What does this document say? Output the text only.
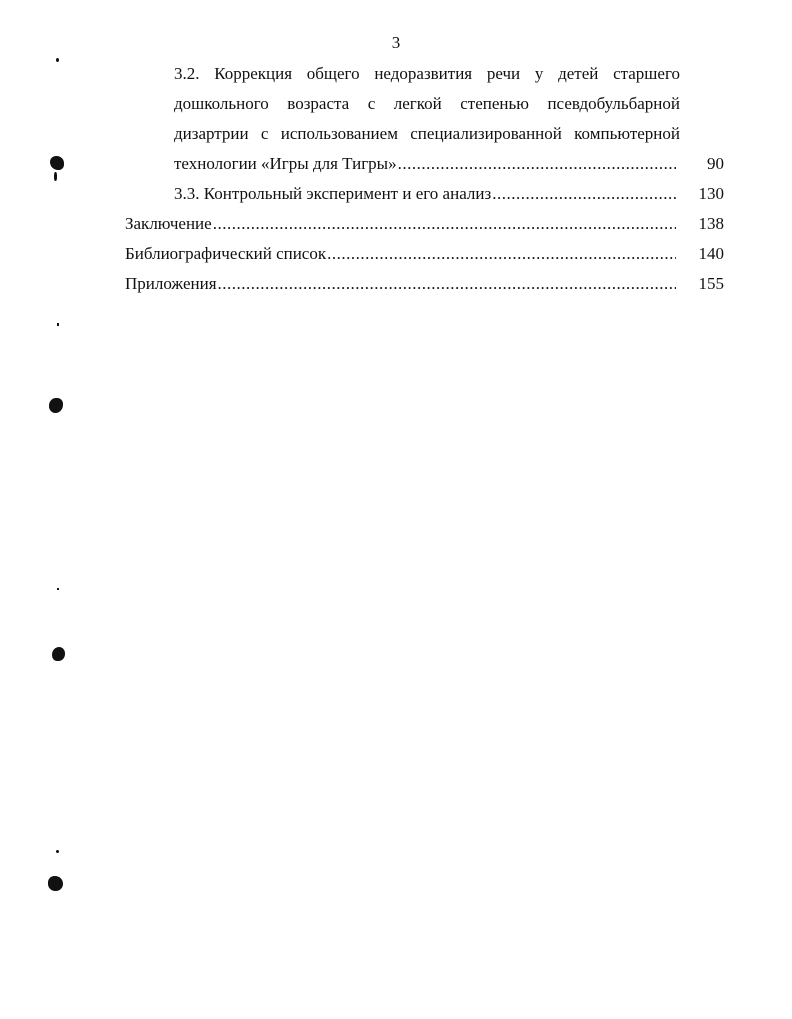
3
3.2. Коррекция общего недоразвития речи у детей старшего
дошкольного возраста с легкой степенью псевдобульбарной
дизартрии с использованием специализированной компьютерной
технологии «Игры для Тигры» .....	90
3.3. Контрольный эксперимент и его анализ .....	130
Заключение .....	138
Библиографический список .....	140
Приложения .....	155
